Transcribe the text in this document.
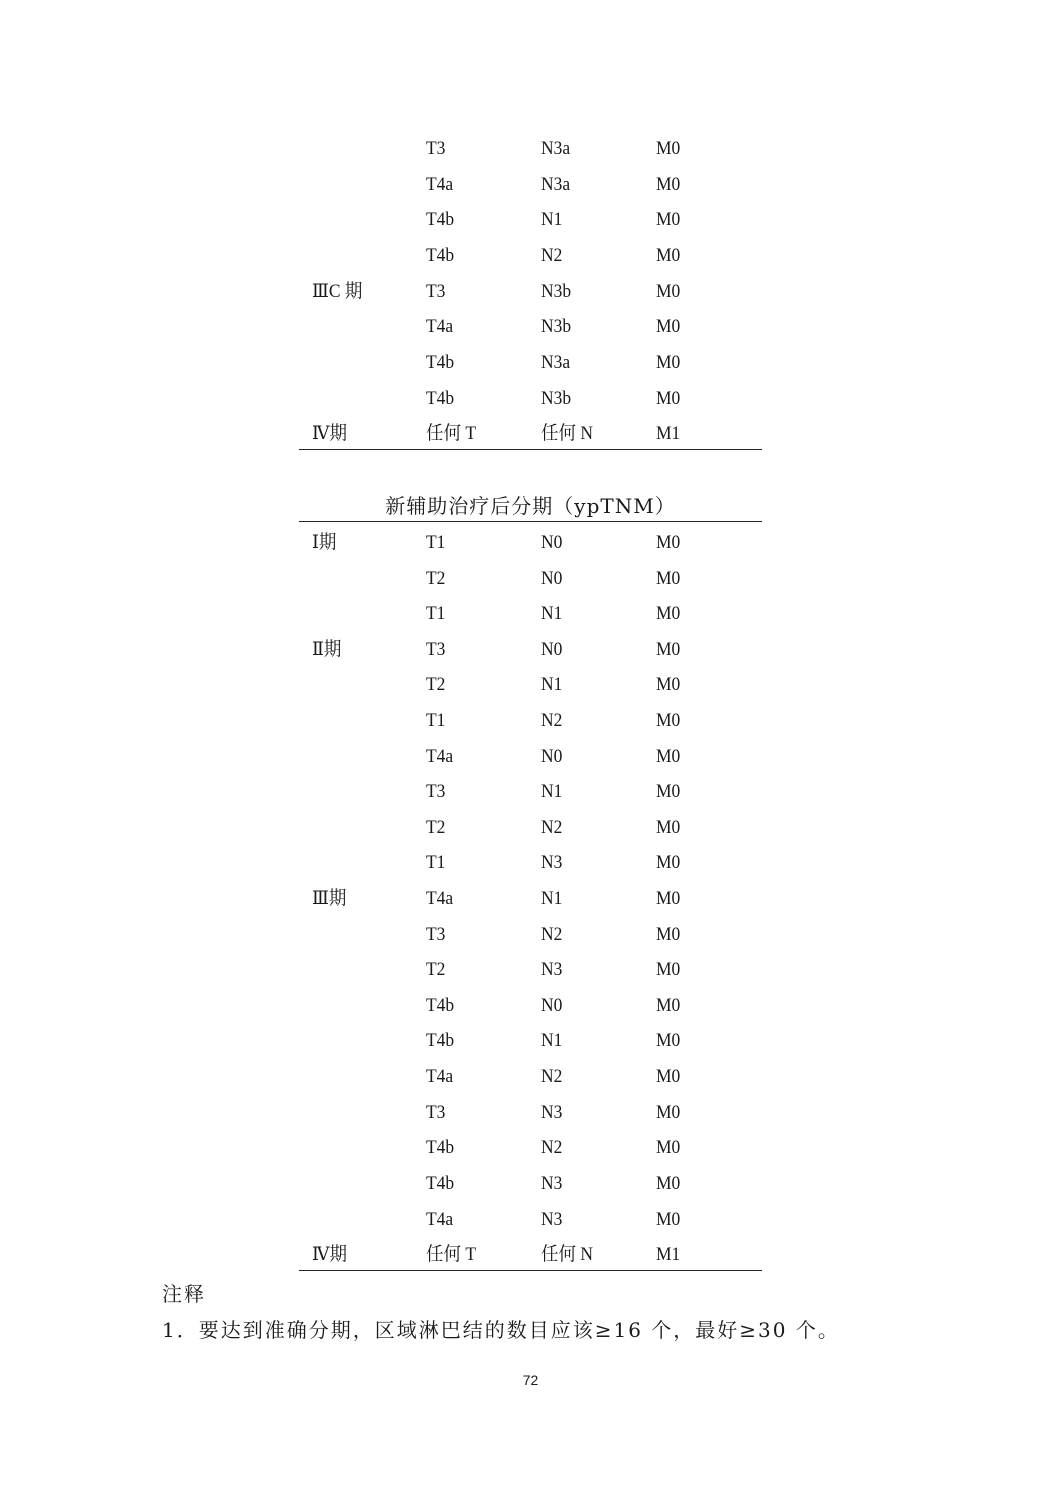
T3	N3a	M0
T4a	N3a	M0
T4b	N1	M0
T4b	N2	M0
ⅢC 期	T3	N3b	M0
T4a	N3b	M0
T4b	N3a	M0
T4b	N3b	M0
Ⅳ期	任何 T	任何 N	M1
新辅助治疗后分期（ypTNM）
Ⅰ期	T1	N0	M0
T2	N0	M0
T1	N1	M0
Ⅱ期	T3	N0	M0
T2	N1	M0
T1	N2	M0
T4a	N0	M0
T3	N1	M0
T2	N2	M0
T1	N3	M0
Ⅲ期	T4a	N1	M0
T3	N2	M0
T2	N3	M0
T4b	N0	M0
T4b	N1	M0
T4a	N2	M0
T3	N3	M0
T4b	N2	M0
T4b	N3	M0
T4a	N3	M0
Ⅳ期	任何 T	任何 N	M1
注释
1．要达到准确分期，区域淋巴结的数目应该≥16 个，最好≥30 个。
72
